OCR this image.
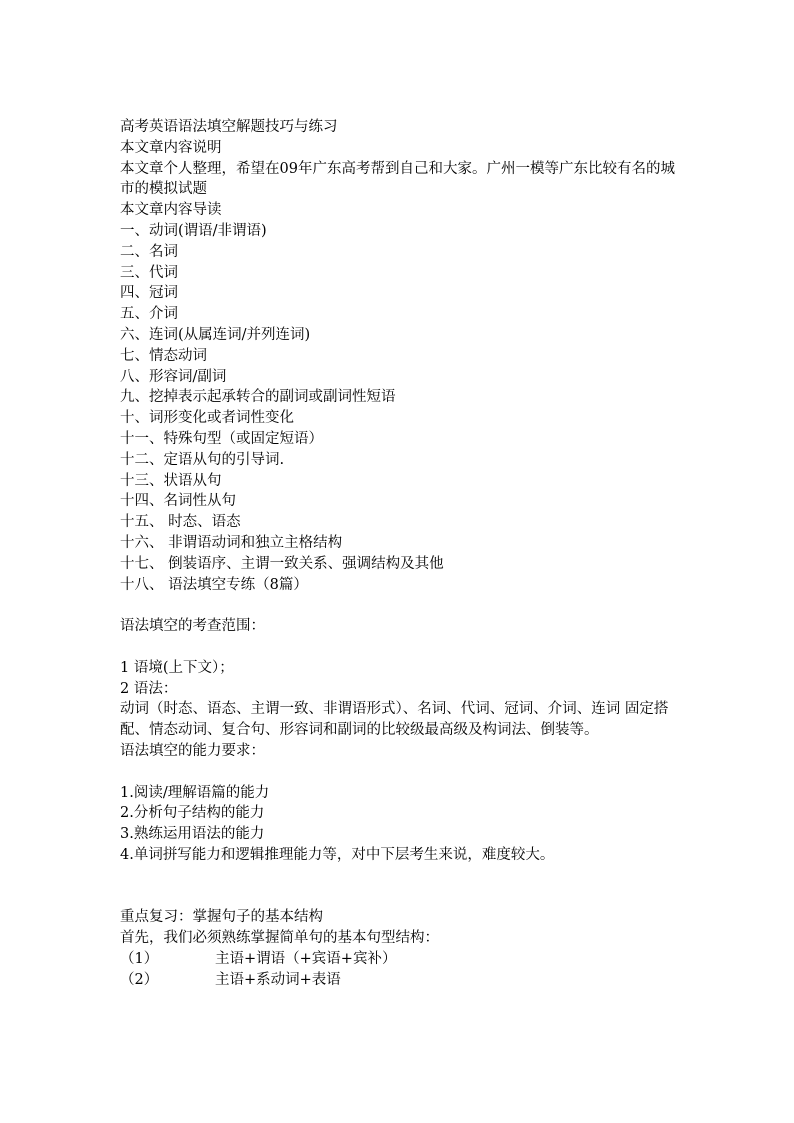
高考英语语法填空解题技巧与练习
本文章内容说明
本文章个人整理，希望在09年广东高考帮到自己和大家。广州一模等广东比较有名的城市的模拟试题
本文章内容导读
一、动词(谓语/非谓语)
二、名词
三、代词
四、冠词
五、介词
六、连词(从属连词/并列连词)
七、情态动词
八、形容词/副词
九、挖掉表示起承转合的副词或副词性短语
十、词形变化或者词性变化
十一、特殊句型（或固定短语）
十二、定语从句的引导词.
十三、状语从句
十四、名词性从句
十五、 时态、语态
十六、 非谓语动词和独立主格结构
十七、 倒装语序、主谓一致关系、强调结构及其他
十八、 语法填空专练（8篇）
语法填空的考查范围：
1 语境(上下文）；
2 语法：
动词（时态、语态、主谓一致、非谓语形式）、名词、代词、冠词、介词、连词 固定搭配、情态动词、复合句、形容词和副词的比较级最高级及构词法、倒装等。
语法填空的能力要求：
1.阅读/理解语篇的能力
2.分析句子结构的能力
3.熟练运用语法的能力
4.单词拼写能力和逻辑推理能力等，对中下层考生来说，难度较大。
重点复习：掌握句子的基本结构
首先，我们必须熟练掌握简单句的基本句型结构：
（1）	主语+谓语（+宾语+宾补）
（2）	主语+系动词+表语
